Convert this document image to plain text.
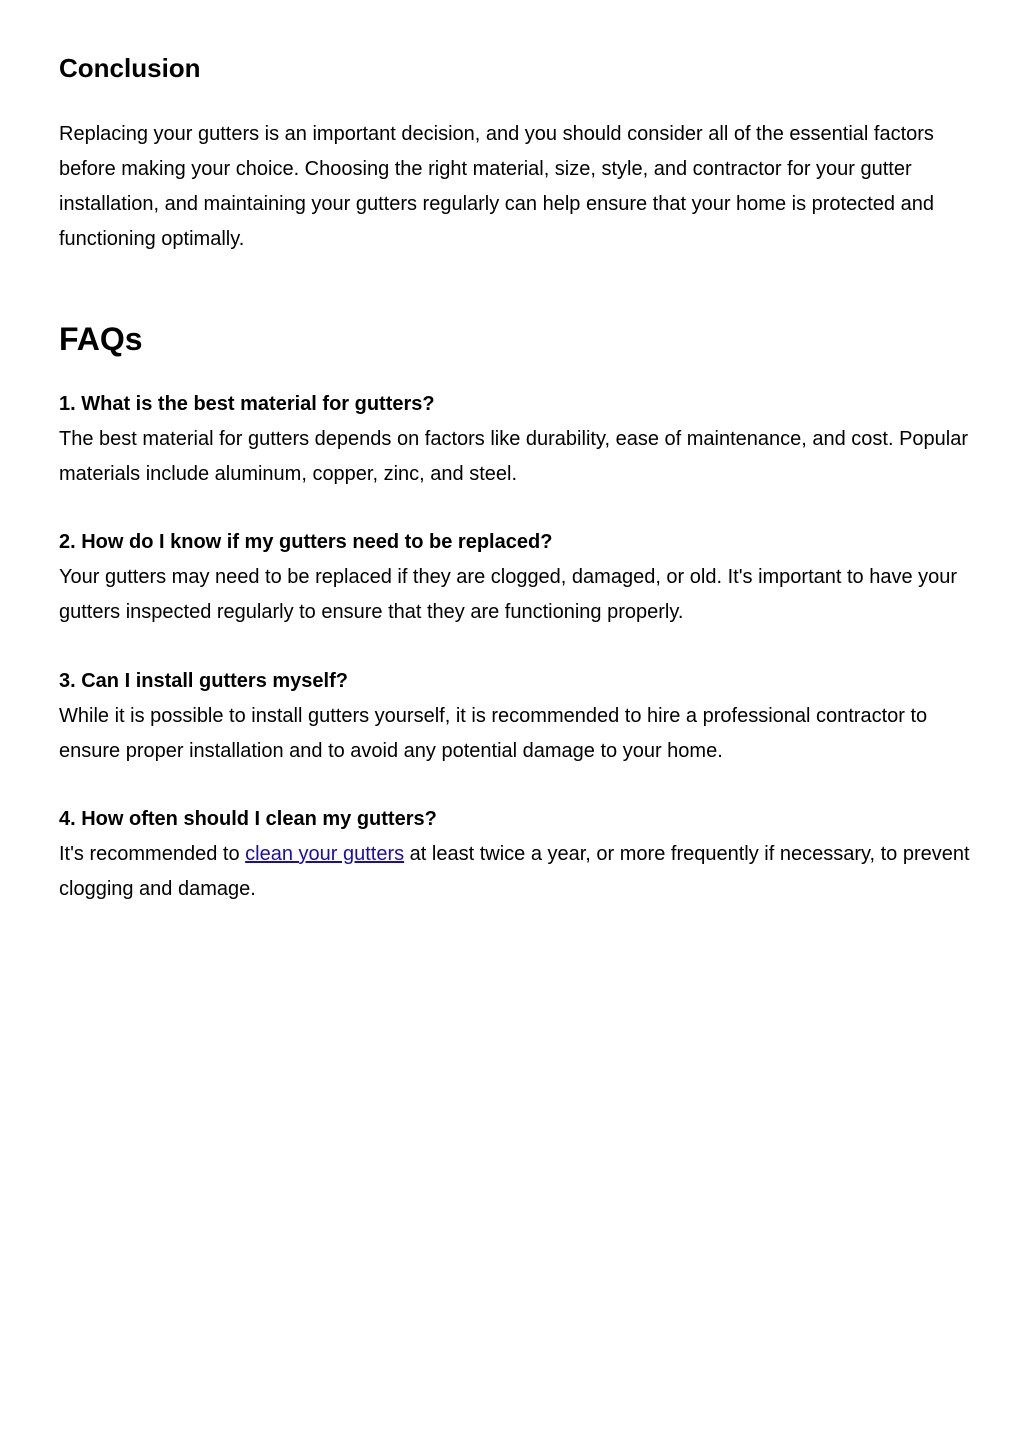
Conclusion

Replacing your gutters is an important decision, and you should consider all of the essential factors before making your choice. Choosing the right material, size, style, and contractor for your gutter installation, and maintaining your gutters regularly can help ensure that your home is protected and functioning optimally.

FAQs
1. What is the best material for gutters?
The best material for gutters depends on factors like durability, ease of maintenance, and cost. Popular materials include aluminum, copper, zinc, and steel.
2. How do I know if my gutters need to be replaced?
Your gutters may need to be replaced if they are clogged, damaged, or old. It's important to have your gutters inspected regularly to ensure that they are functioning properly.
3. Can I install gutters myself?
While it is possible to install gutters yourself, it is recommended to hire a professional contractor to ensure proper installation and to avoid any potential damage to your home.
4. How often should I clean my gutters?
It's recommended to clean your gutters at least twice a year, or more frequently if necessary, to prevent clogging and damage.
